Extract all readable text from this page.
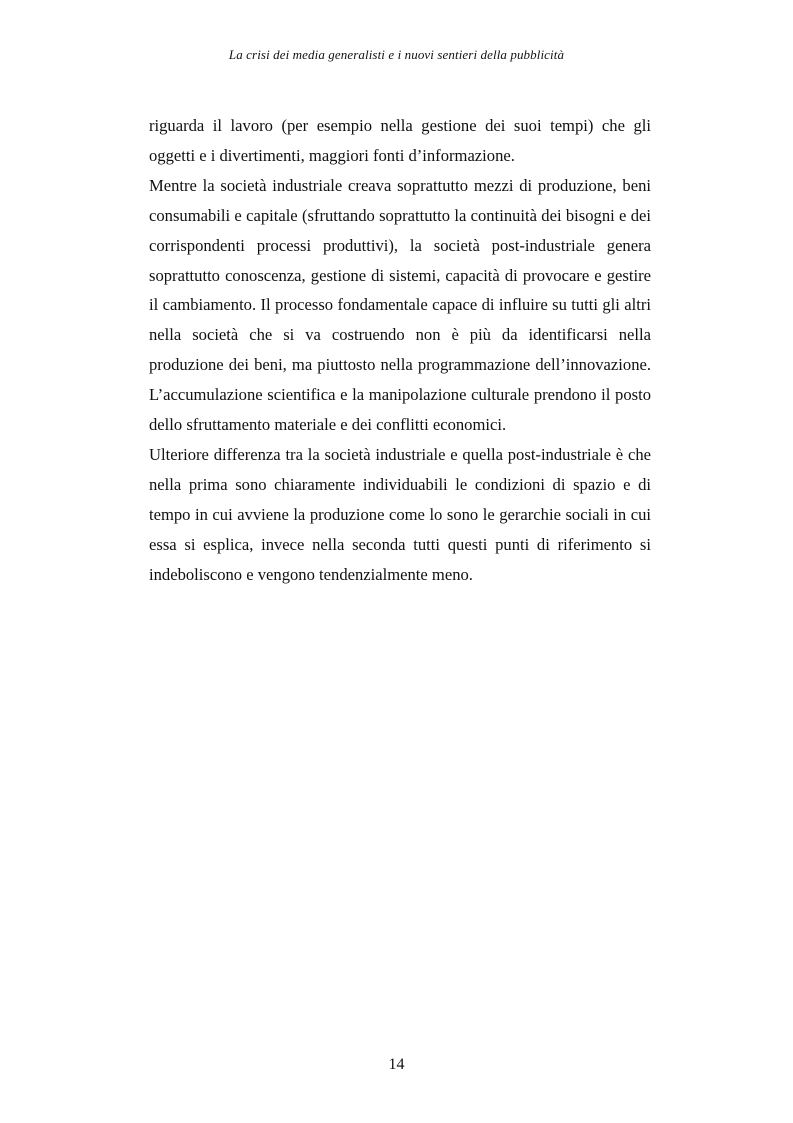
La crisi dei media generalisti e i nuovi sentieri della pubblicità

riguarda il lavoro (per esempio nella gestione dei suoi tempi) che gli oggetti e i divertimenti, maggiori fonti d’informazione.

Mentre la società industriale creava soprattutto mezzi di produzione, beni consumabili e capitale (sfruttando soprattutto la continuità dei bisogni e dei corrispondenti processi produttivi), la società post-industriale genera soprattutto conoscenza, gestione di sistemi, capacità di provocare e gestire il cambiamento. Il processo fondamentale capace di influire su tutti gli altri nella società che si va costruendo non è più da identificarsi nella produzione dei beni, ma piuttosto nella programmazione dell’innovazione. L’accumulazione scientifica e la manipolazione culturale prendono il posto dello sfruttamento materiale e dei conflitti economici.

Ulteriore differenza tra la società industriale e quella post-industriale è che nella prima sono chiaramente individuabili le condizioni di spazio e di tempo in cui avviene la produzione come lo sono le gerarchie sociali in cui essa si esplica, invece nella seconda tutti questi punti di riferimento si indeboliscono e vengono tendenzialmente meno.

14
